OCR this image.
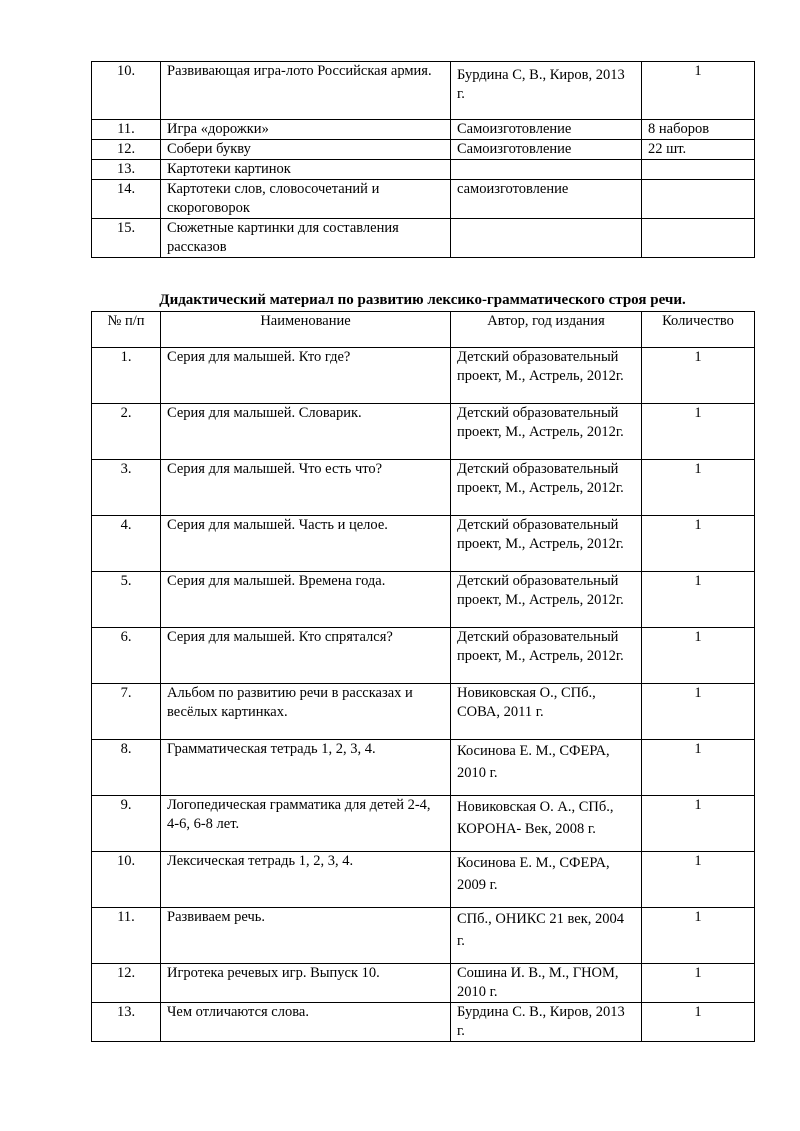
10.	Развивающая игра-лото Российская армия.	Бурдина С, В., Киров, 2013 г.	1
11.	Игра «дорожки»	Самоизготовление	8 наборов
12.	Собери букву	Самоизготовление	22 шт.
13.	Картотеки картинок		
14.	Картотеки слов, словосочетаний и скороговорок	самоизготовление	
15.	Сюжетные картинки для составления рассказов		
Дидактический материал по развитию лексико-грамматического строя речи.
№ п/п	Наименование	Автор, год издания	Количество
1.	Серия для малышей. Кто где?	Детский образовательный проект, М., Астрель, 2012г.	1
2.	Серия для малышей. Словарик.	Детский образовательный проект, М., Астрель, 2012г.	1
3.	Серия для малышей. Что есть что?	Детский образовательный проект, М., Астрель, 2012г.	1
4.	Серия для малышей. Часть и целое.	Детский образовательный проект, М., Астрель, 2012г.	1
5.	Серия для малышей. Времена года.	Детский образовательный проект, М., Астрель, 2012г.	1
6.	Серия для малышей. Кто спрятался?	Детский образовательный проект, М., Астрель, 2012г.	1
7.	Альбом по развитию речи в рассказах и весёлых картинках.	Новиковская О., СПб., СОВА, 2011 г.	1
8.	Грамматическая тетрадь 1, 2, 3, 4.	Косинова Е. М., СФЕРА, 2010 г.	1
9.	Логопедическая грамматика для детей 2-4, 4-6, 6-8 лет.	Новиковская О. А., СПб., КОРОНА- Век, 2008 г.	1
10.	Лексическая тетрадь 1, 2, 3, 4.	Косинова Е. М., СФЕРА, 2009 г.	1
11.	Развиваем речь.	СПб., ОНИКС 21 век, 2004 г.	1
12.	Игротека речевых игр. Выпуск 10.	Сошина И. В., М., ГНОМ, 2010 г.	1
13.	Чем отличаются слова.	Бурдина С. В., Киров, 2013 г.	1
